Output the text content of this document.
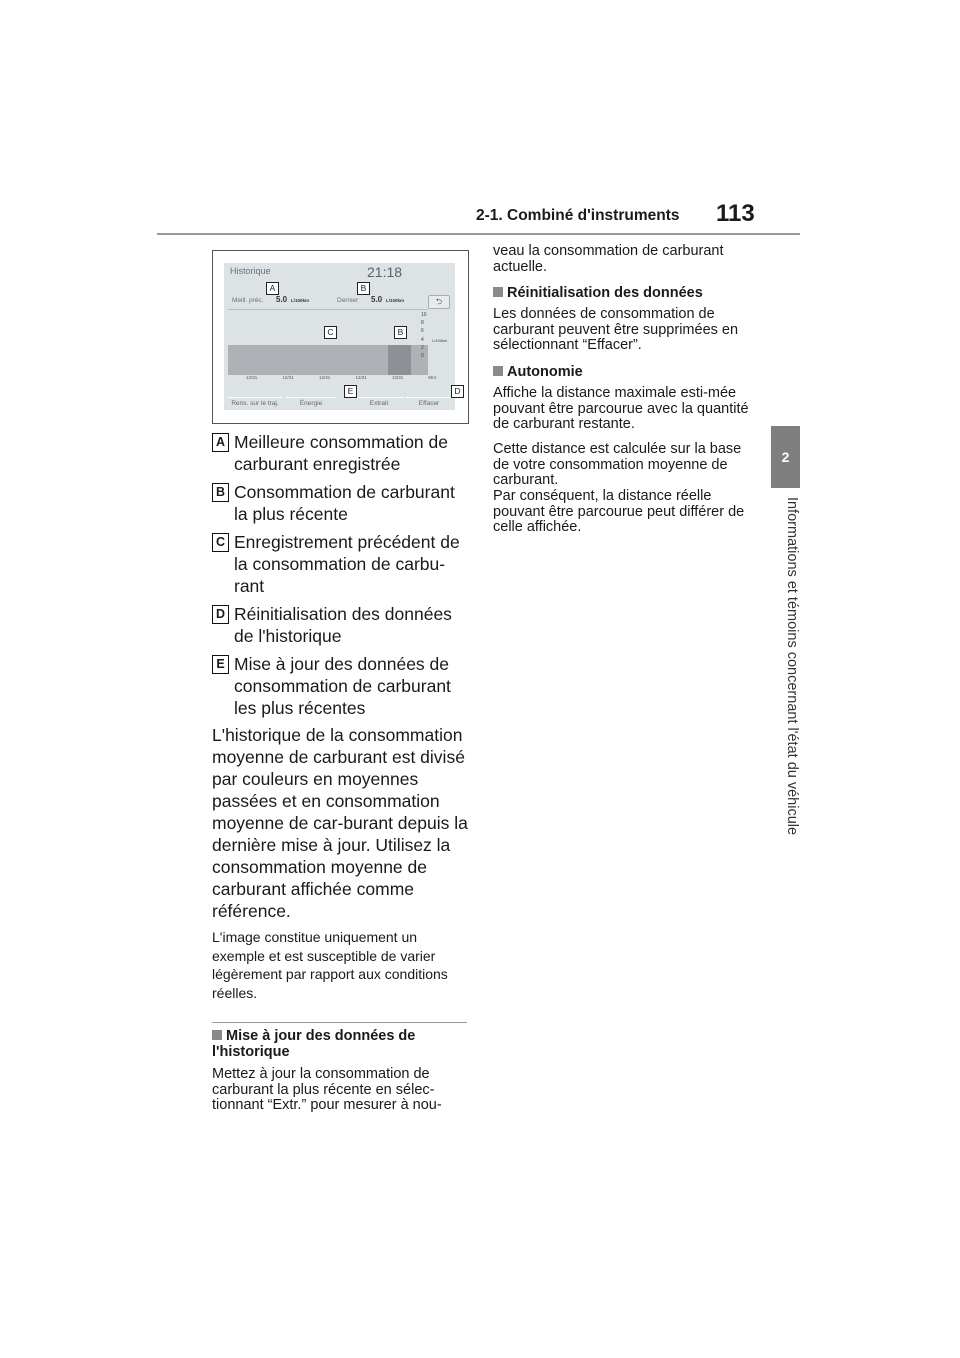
2-1. Combiné d'instruments 113
2
Informations et témoins concernant l'état du véhicule
Historique	21:18
Meill. préc. 5.0 L/100km	Dernier 5.0 L/100km	⮌
10
8
6
4
2
0
L/100km
12/31	12/31	12/31	12/31	12/31	Mnt
Rens. sur le traj.	Énergie	Extrait	Effacer
A	B
C	B
E	D
A Meilleure consommation de carburant enregistrée
B Consommation de carburant la plus récente
C Enregistrement précédent de la consommation de carbu-rant
D Réinitialisation des données de l'historique
E Mise à jour des données de consommation de carburant les plus récentes
L'historique de la consommation moyenne de carburant est divisé par couleurs en moyennes passées et en consommation moyenne de car-burant depuis la dernière mise à jour. Utilisez la consommation moyenne de carburant affichée comme référence.
L'image constitue uniquement un exemple et est susceptible de varier légèrement par rapport aux conditions réelles.
Mise à jour des données de l'historique
Mettez à jour la consommation de carburant la plus récente en sélec-tionnant “Extr.” pour mesurer à nou-
Réinitialisation des données
Les données de consommation de carburant peuvent être supprimées en sélectionnant “Effacer”.
Autonomie
Affiche la distance maximale esti-mée pouvant être parcourue avec la quantité de carburant restante.
Cette distance est calculée sur la base de votre consommation moyenne de carburant.
Par conséquent, la distance réelle pouvant être parcourue peut différer de celle affichée.
veau la consommation de carburant actuelle.
